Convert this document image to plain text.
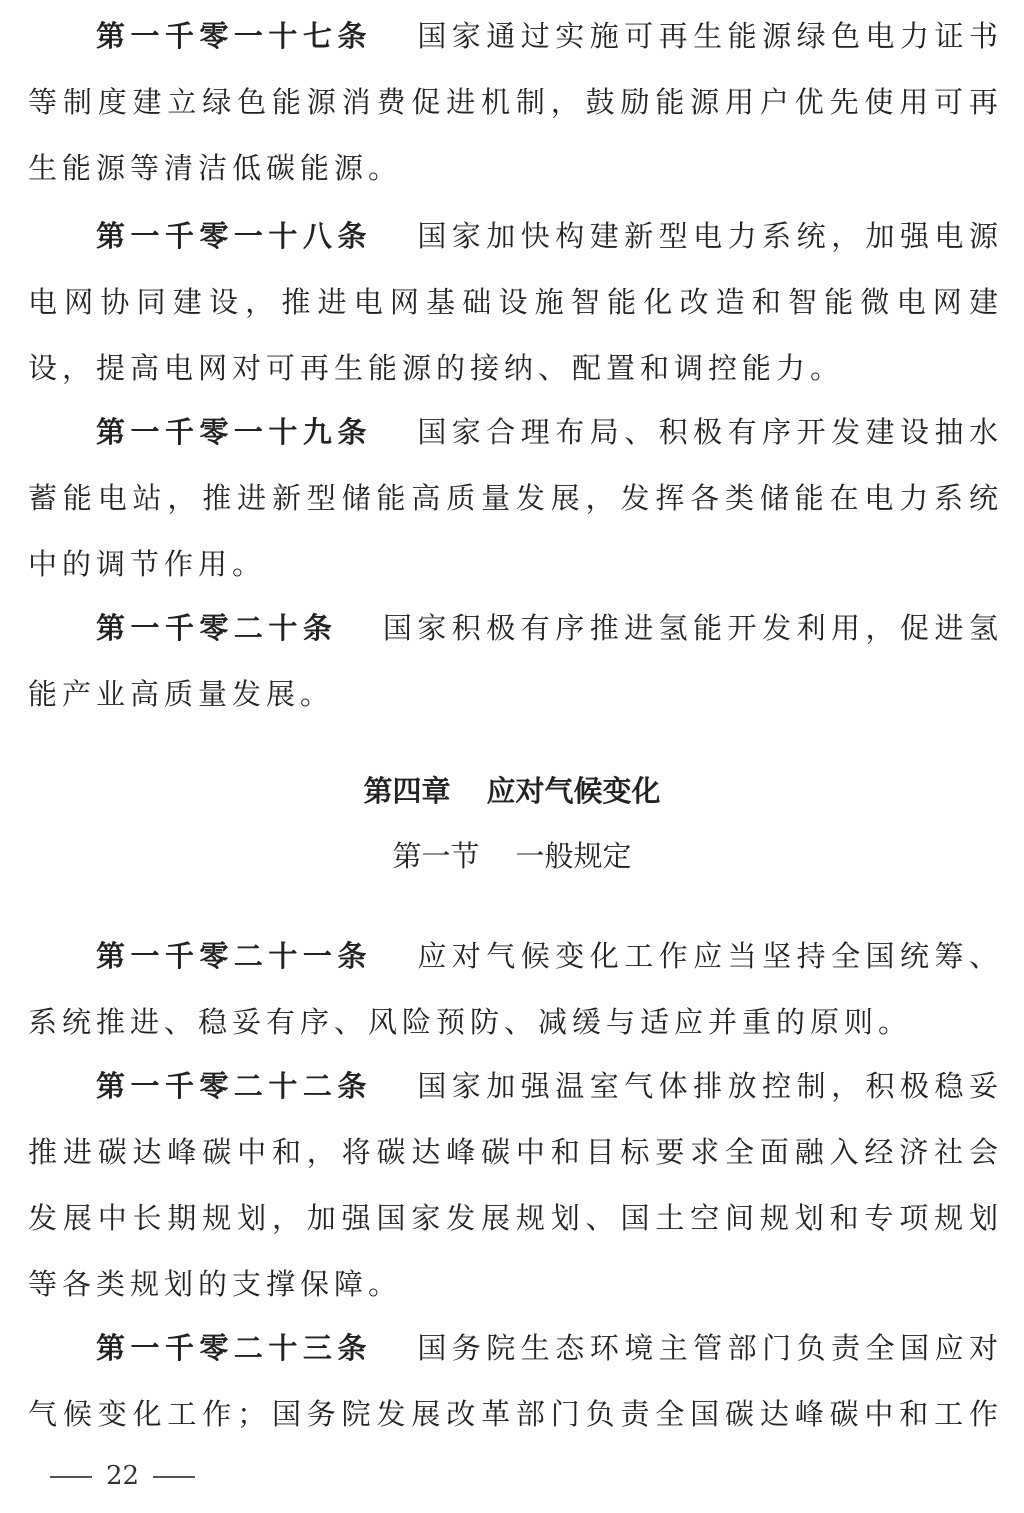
第一千零一十七条 国家通过实施可再生能源绿色电力证书
等制度建立绿色能源消费促进机制，鼓励能源用户优先使用可再
生能源等清洁低碳能源。
第一千零一十八条 国家加快构建新型电力系统，加强电源
电网协同建设，推进电网基础设施智能化改造和智能微电网建
设，提高电网对可再生能源的接纳、配置和调控能力。
第一千零一十九条 国家合理布局、积极有序开发建设抽水
蓄能电站，推进新型储能高质量发展，发挥各类储能在电力系统
中的调节作用。
第一千零二十条 国家积极有序推进氢能开发利用，促进氢
能产业高质量发展。
第四章 应对气候变化
第一节 一般规定
第一千零二十一条 应对气候变化工作应当坚持全国统筹、
系统推进、稳妥有序、风险预防、减缓与适应并重的原则。
第一千零二十二条 国家加强温室气体排放控制，积极稳妥
推进碳达峰碳中和，将碳达峰碳中和目标要求全面融入经济社会
发展中长期规划，加强国家发展规划、国土空间规划和专项规划
等各类规划的支撑保障。
第一千零二十三条 国务院生态环境主管部门负责全国应对
气候变化工作；国务院发展改革部门负责全国碳达峰碳中和工作
22
